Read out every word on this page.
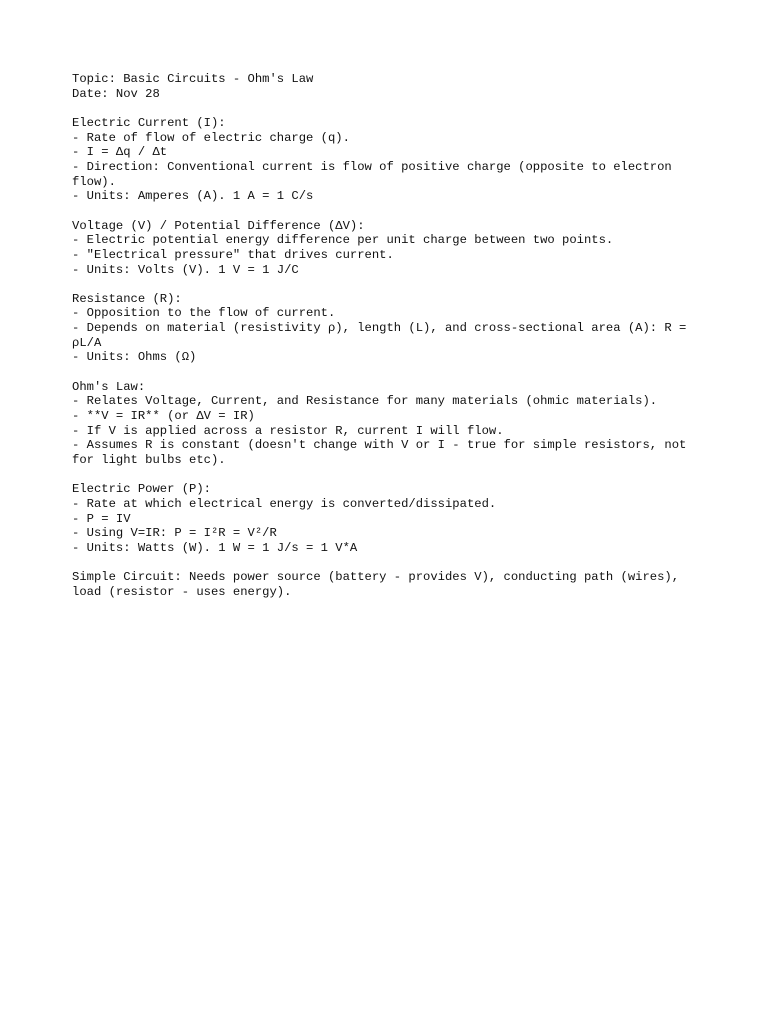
Topic: Basic Circuits - Ohm's Law
Date: Nov 28
Electric Current (I):
- Rate of flow of electric charge (q).
- I = Δq / Δt
- Direction: Conventional current is flow of positive charge (opposite to electron flow).
- Units: Amperes (A). 1 A = 1 C/s
Voltage (V) / Potential Difference (ΔV):
- Electric potential energy difference per unit charge between two points.
- "Electrical pressure" that drives current.
- Units: Volts (V). 1 V = 1 J/C
Resistance (R):
- Opposition to the flow of current.
- Depends on material (resistivity ρ), length (L), and cross-sectional area (A): R = ρL/A
- Units: Ohms (Ω)
Ohm's Law:
- Relates Voltage, Current, and Resistance for many materials (ohmic materials).
- **V = IR** (or ΔV = IR)
- If V is applied across a resistor R, current I will flow.
- Assumes R is constant (doesn't change with V or I - true for simple resistors, not for light bulbs etc).
Electric Power (P):
- Rate at which electrical energy is converted/dissipated.
- P = IV
- Using V=IR: P = I²R = V²/R
- Units: Watts (W). 1 W = 1 J/s = 1 V*A
Simple Circuit: Needs power source (battery - provides V), conducting path (wires), load (resistor - uses energy).
